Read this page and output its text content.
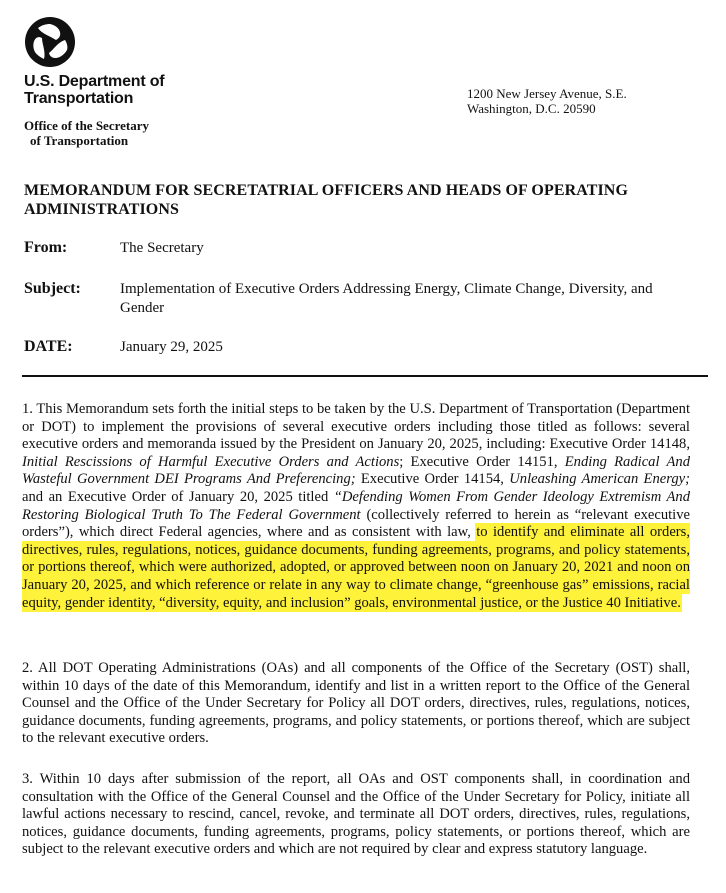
U.S. Department of
Transportation
Office of the Secretary
of Transportation
1200 New Jersey Avenue, S.E.
Washington, D.C. 20590
MEMORANDUM FOR SECRETATRIAL OFFICERS AND HEADS OF OPERATING ADMINISTRATIONS
From:	The Secretary
Subject:	Implementation of Executive Orders Addressing Energy, Climate Change, Diversity, and Gender
DATE:	January 29, 2025
1. This Memorandum sets forth the initial steps to be taken by the U.S. Department of Transportation (Department or DOT) to implement the provisions of several executive orders including those titled as follows: several executive orders and memoranda issued by the President on January 20, 2025, including: Executive Order 14148, Initial Rescissions of Harmful Executive Orders and Actions; Executive Order 14151, Ending Radical And Wasteful Government DEI Programs And Preferencing; Executive Order 14154, Unleashing American Energy; and an Executive Order of January 20, 2025 titled “Defending Women From Gender Ideology Extremism And Restoring Biological Truth To The Federal Government (collectively referred to herein as “relevant executive orders”), which direct Federal agencies, where and as consistent with law, to identify and eliminate all orders, directives, rules, regulations, notices, guidance documents, funding agreements, programs, and policy statements, or portions thereof, which were authorized, adopted, or approved between noon on January 20, 2021 and noon on January 20, 2025, and which reference or relate in any way to climate change, “greenhouse gas” emissions, racial equity, gender identity, “diversity, equity, and inclusion” goals, environmental justice, or the Justice 40 Initiative.
2. All DOT Operating Administrations (OAs) and all components of the Office of the Secretary (OST) shall, within 10 days of the date of this Memorandum, identify and list in a written report to the Office of the General Counsel and the Office of the Under Secretary for Policy all DOT orders, directives, rules, regulations, notices, guidance documents, funding agreements, programs, and policy statements, or portions thereof, which are subject to the relevant executive orders.
3. Within 10 days after submission of the report, all OAs and OST components shall, in coordination and consultation with the Office of the General Counsel and the Office of the Under Secretary for Policy, initiate all lawful actions necessary to rescind, cancel, revoke, and terminate all DOT orders, directives, rules, regulations, notices, guidance documents, funding agreements, programs, policy statements, or portions thereof, which are subject to the relevant executive orders and which are not required by clear and express statutory language.
